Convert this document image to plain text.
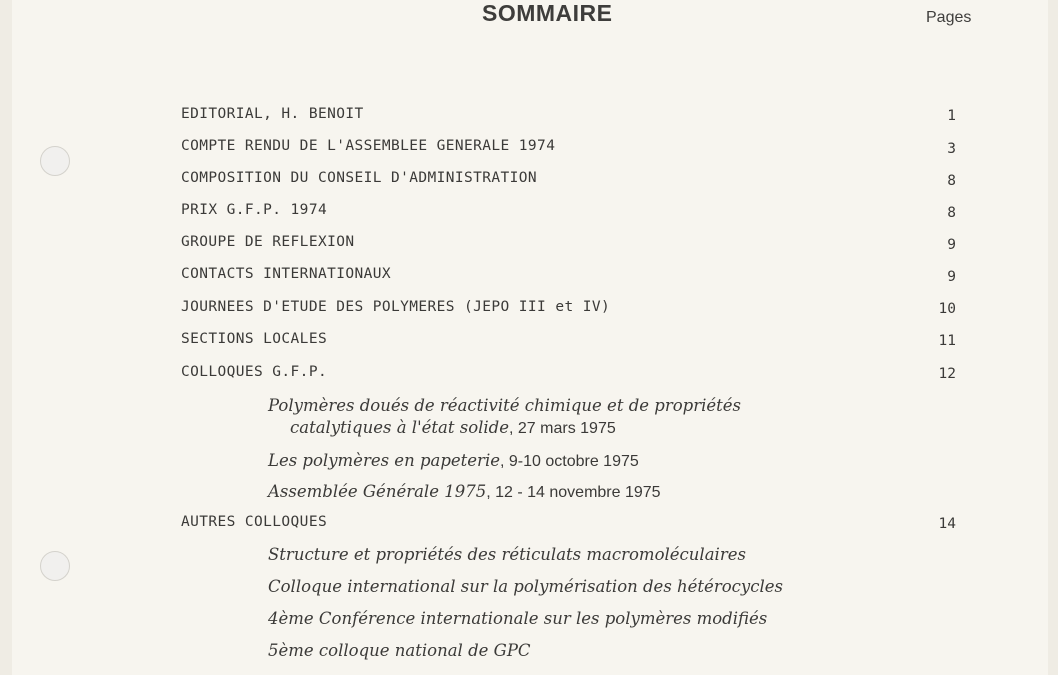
SOMMAIRE	Pages
EDITORIAL, H. BENOIT	1
COMPTE RENDU DE L'ASSEMBLEE GENERALE 1974	3
COMPOSITION DU CONSEIL D'ADMINISTRATION	8
PRIX G.F.P. 1974	8
GROUPE DE REFLEXION	9
CONTACTS INTERNATIONAUX	9
JOURNEES D'ETUDE DES POLYMERES (JEPO III et IV)	10
SECTIONS LOCALES	11
COLLOQUES G.F.P.	12
Polymères doués de réactivité chimique et de propriétés
catalytiques à l'état solide, 27 mars 1975
Les polymères en papeterie, 9-10 octobre 1975
Assemblée Générale 1975, 12 - 14 novembre 1975
AUTRES COLLOQUES	14
Structure et propriétés des réticulats macromoléculaires
Colloque international sur la polymérisation des hétérocycles
4ème Conférence internationale sur les polymères modifiés
5ème colloque national de GPC
